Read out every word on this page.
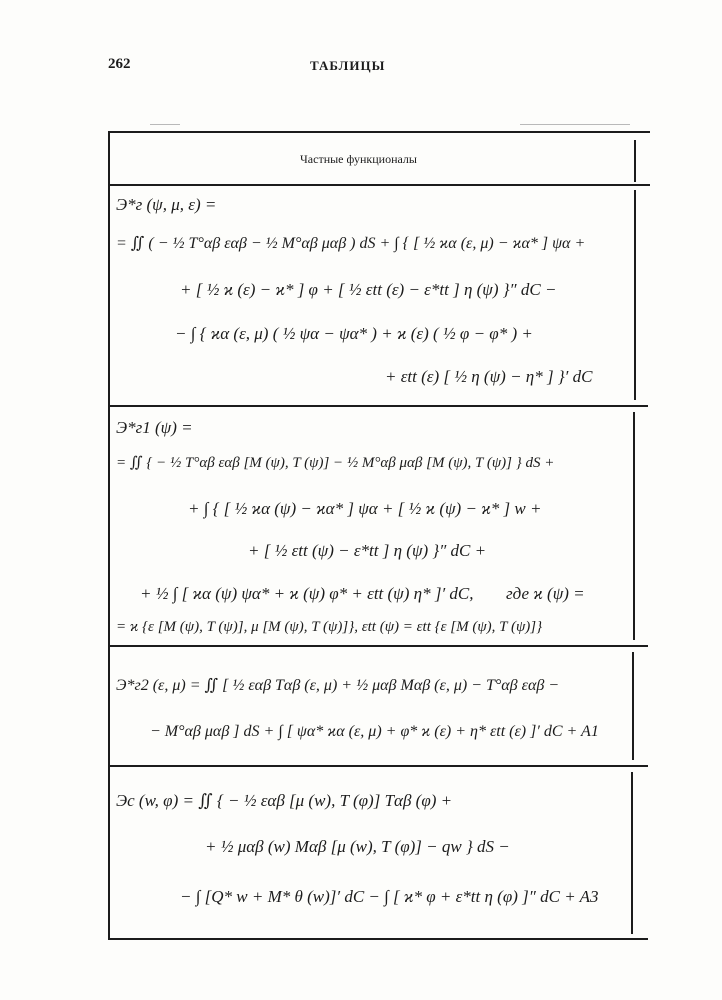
262	ТАБЛИЦЫ
Частные функционалы
Э*г (ψ, μ, ε) =
= ∬ ( − ½ T°αβ εαβ − ½ M°αβ μαβ ) dS + ∫ { [ ½ ϰα (ε, μ) − ϰα* ] ψα +
+ [ ½ ϰ (ε) − ϰ* ] φ + [ ½ εtt (ε) − ε*tt ] η (ψ) }″ dC −
− ∫ { ϰα (ε, μ) ( ½ ψα − ψα* ) + ϰ (ε) ( ½ φ − φ* ) +
+ εtt (ε) [ ½ η (ψ) − η* ] }′ dC
Э*г1 (ψ) =
= ∬ { − ½ T°αβ εαβ [M (ψ), T (ψ)] − ½ M°αβ μαβ [M (ψ), T (ψ)] } dS +
+ ∫ { [ ½ ϰα (ψ) − ϰα* ] ψα + [ ½ ϰ (ψ) − ϰ* ] w +
+ [ ½ εtt (ψ) − ε*tt ] η (ψ) }″ dC +
+ ½ ∫ [ ϰα (ψ) ψα* + ϰ (ψ) φ* + εtt (ψ) η* ]′ dC, где ϰ (ψ) =
= ϰ {ε [M (ψ), T (ψ)], μ [M (ψ), T (ψ)]}, εtt (ψ) = εtt {ε [M (ψ), T (ψ)]}
Э*г2 (ε, μ) = ∬ [ ½ εαβ Tαβ (ε, μ) + ½ μαβ Mαβ (ε, μ) − T°αβ εαβ −
− M°αβ μαβ ] dS + ∫ [ ψα* ϰα (ε, μ) + φ* ϰ (ε) + η* εtt (ε) ]′ dC + A1
Эс (w, φ) = ∬ { − ½ εαβ [μ (w), T (φ)] Tαβ (φ) +
+ ½ μαβ (w) Mαβ [μ (w), T (φ)] − qw } dS −
− ∫ [Q* w + M* θ (w)]′ dC − ∫ [ ϰ* φ + ε*tt η (φ) ]″ dC + A3
